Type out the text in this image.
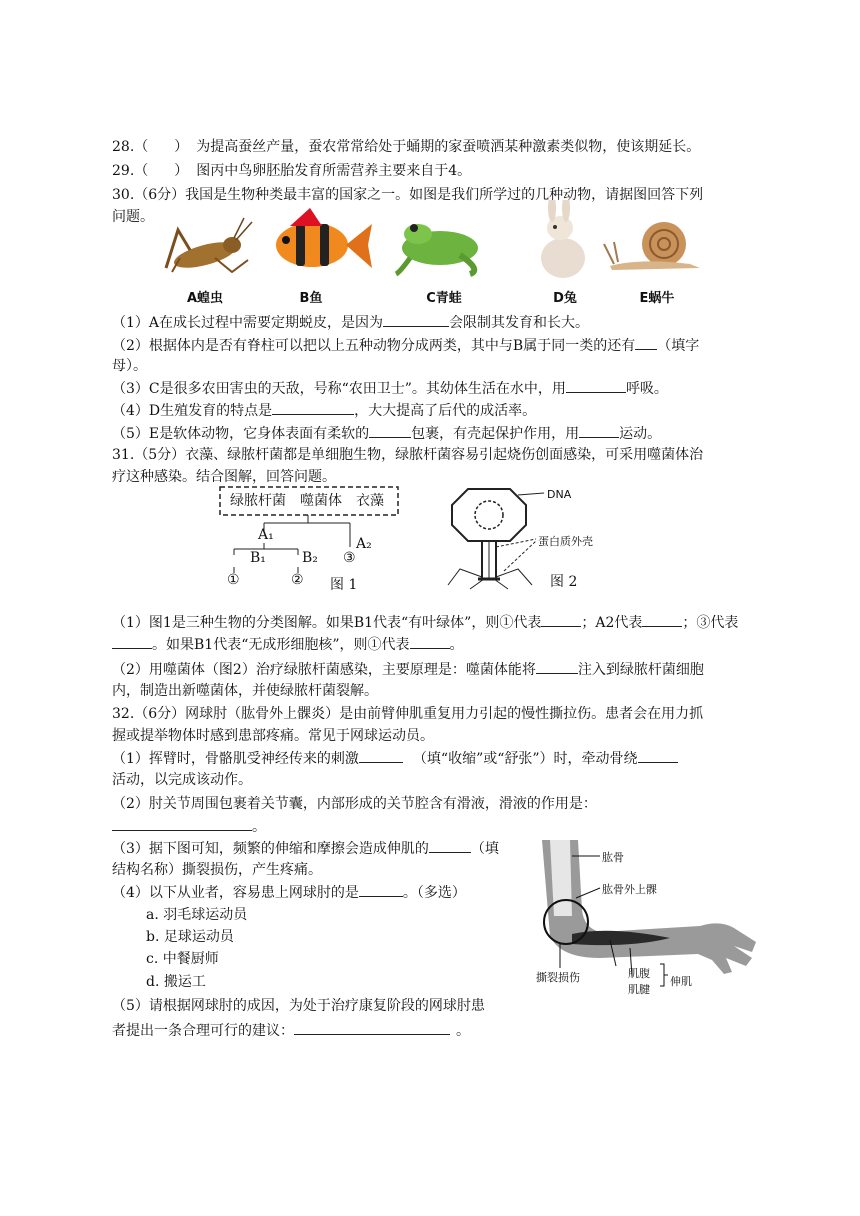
28.（ ） 为提高蚕丝产量，蚕农常常给处于蛹期的家蚕喷洒某种激素类似物，使该期延长。
29.（ ） 图丙中鸟卵胚胎发育所需营养主要来自于4。
30.（6分）我国是生物种类最丰富的国家之一。如图是我们所学过的几种动物，请据图回答下列
问题。
A蝗虫	B鱼	C青蛙	D兔	E蜗牛
（1）A在成长过程中需要定期蜕皮，是因为	会限制其发育和长大。
（2）根据体内是否有脊柱可以把以上五种动物分成两类，其中与B属于同一类的还有 （填字
母）。
（3）C是很多农田害虫的天敌，号称“农田卫士”。其幼体生活在水中，用	呼吸。
（4）D生殖发育的特点是	，大大提高了后代的成活率。
（5）E是软体动物，它身体表面有柔软的	包裹，有壳起保护作用，用	运动。
31.（5分）衣藻、绿脓杆菌都是单细胞生物，绿脓杆菌容易引起烧伤创面感染，可采用噬菌体治
疗这种感染。结合图解，回答问题。
绿脓杆菌　噬菌体　衣藻
A₁
A₂
B₁	B₂ ③
①	② 图 1
DNA
蛋白质外壳
图 2
（1）图1是三种生物的分类图解。如果B1代表“有叶绿体”，则①代表	；A2代表	；③代表
。如果B1代表“无成形细胞核”，则①代表	。
（2）用噬菌体（图2）治疗绿脓杆菌感染，主要原理是：噬菌体能将	注入到绿脓杆菌细胞
内，制造出新噬菌体，并使绿脓杆菌裂解。
32.（6分）网球肘（肱骨外上髁炎）是由前臂伸肌重复用力引起的慢性撕拉伤。患者会在用力抓
握或提举物体时感到患部疼痛。常见于网球运动员。
（1）挥臂时，骨骼肌受神经传来的刺激	（填“收缩”或“舒张”）时，牵动骨绕
活动，以完成该动作。
（2）肘关节周围包裹着关节囊，内部形成的关节腔含有滑液，滑液的作用是：
。
（3）据下图可知，频繁的伸缩和摩擦会造成伸肌的	（填
结构名称）撕裂损伤，产生疼痛。
（4）以下从业者，容易患上网球肘的是	。（多选）
a. 羽毛球运动员
b. 足球运动员
c. 中餐厨师
d. 搬运工
（5）请根据网球肘的成因，为处于治疗康复阶段的网球肘患
者提出一条合理可行的建议：	。
肱骨
肱骨外上髁
撕裂损伤	肌腹
肌腱
伸肌
